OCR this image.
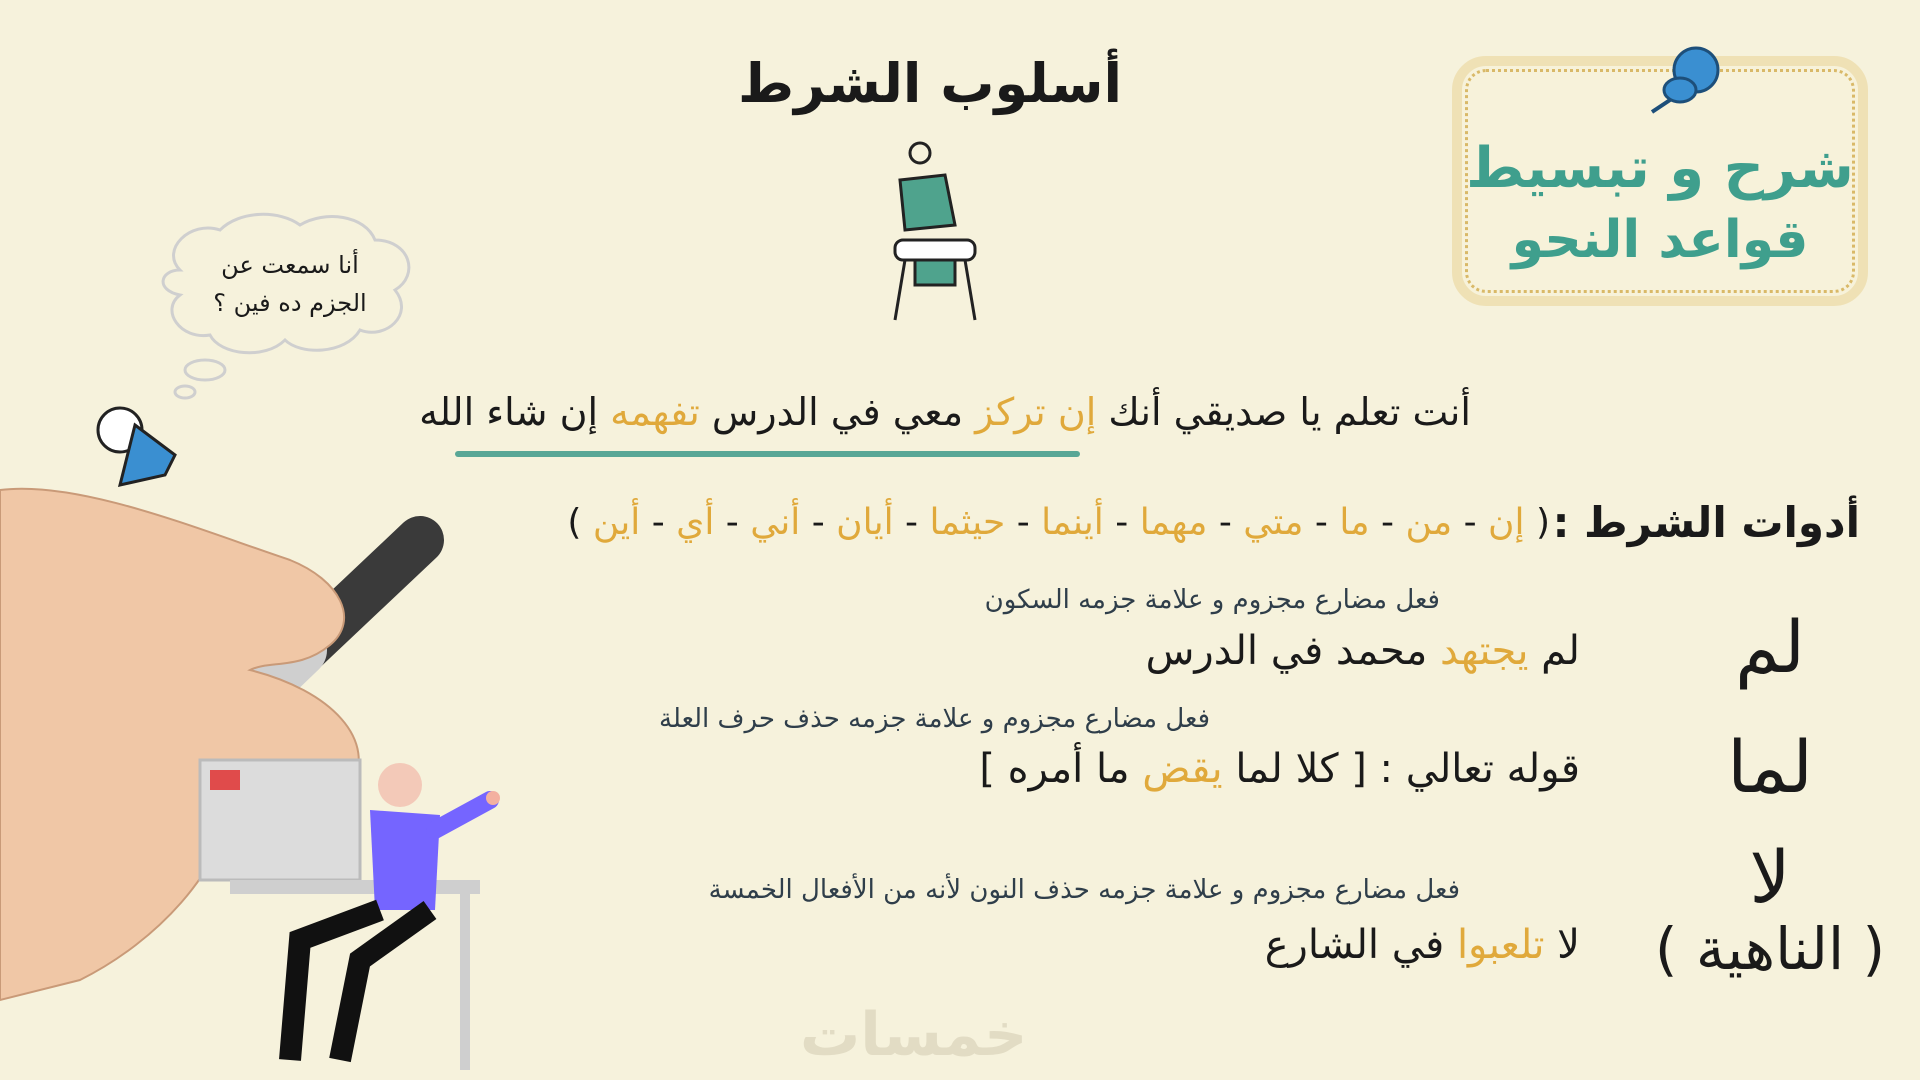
أسلوب الشرط
شرح و تبسيط
قواعد النحو
أنا سمعت عن
الجزم ده فين ؟
أنت تعلم يا صديقي أنك إن تركز معي في الدرس تفهمه إن شاء الله
أدوات الشرط :
( إن - من - ما - متي - مهما - أينما - حيثما - أيان - أني - أي - أين )
فعل مضارع مجزوم و علامة جزمه السكون
لم يجتهد محمد في الدرس	لم
فعل مضارع مجزوم و علامة جزمه حذف حرف العلة
قوله تعالي : [ كلا لما يقض ما أمره ]	لما
فعل مضارع مجزوم و علامة جزمه حذف النون لأنه من الأفعال الخمسة
لا تلعبوا في الشارع
لا
( الناهية )
خمسات
